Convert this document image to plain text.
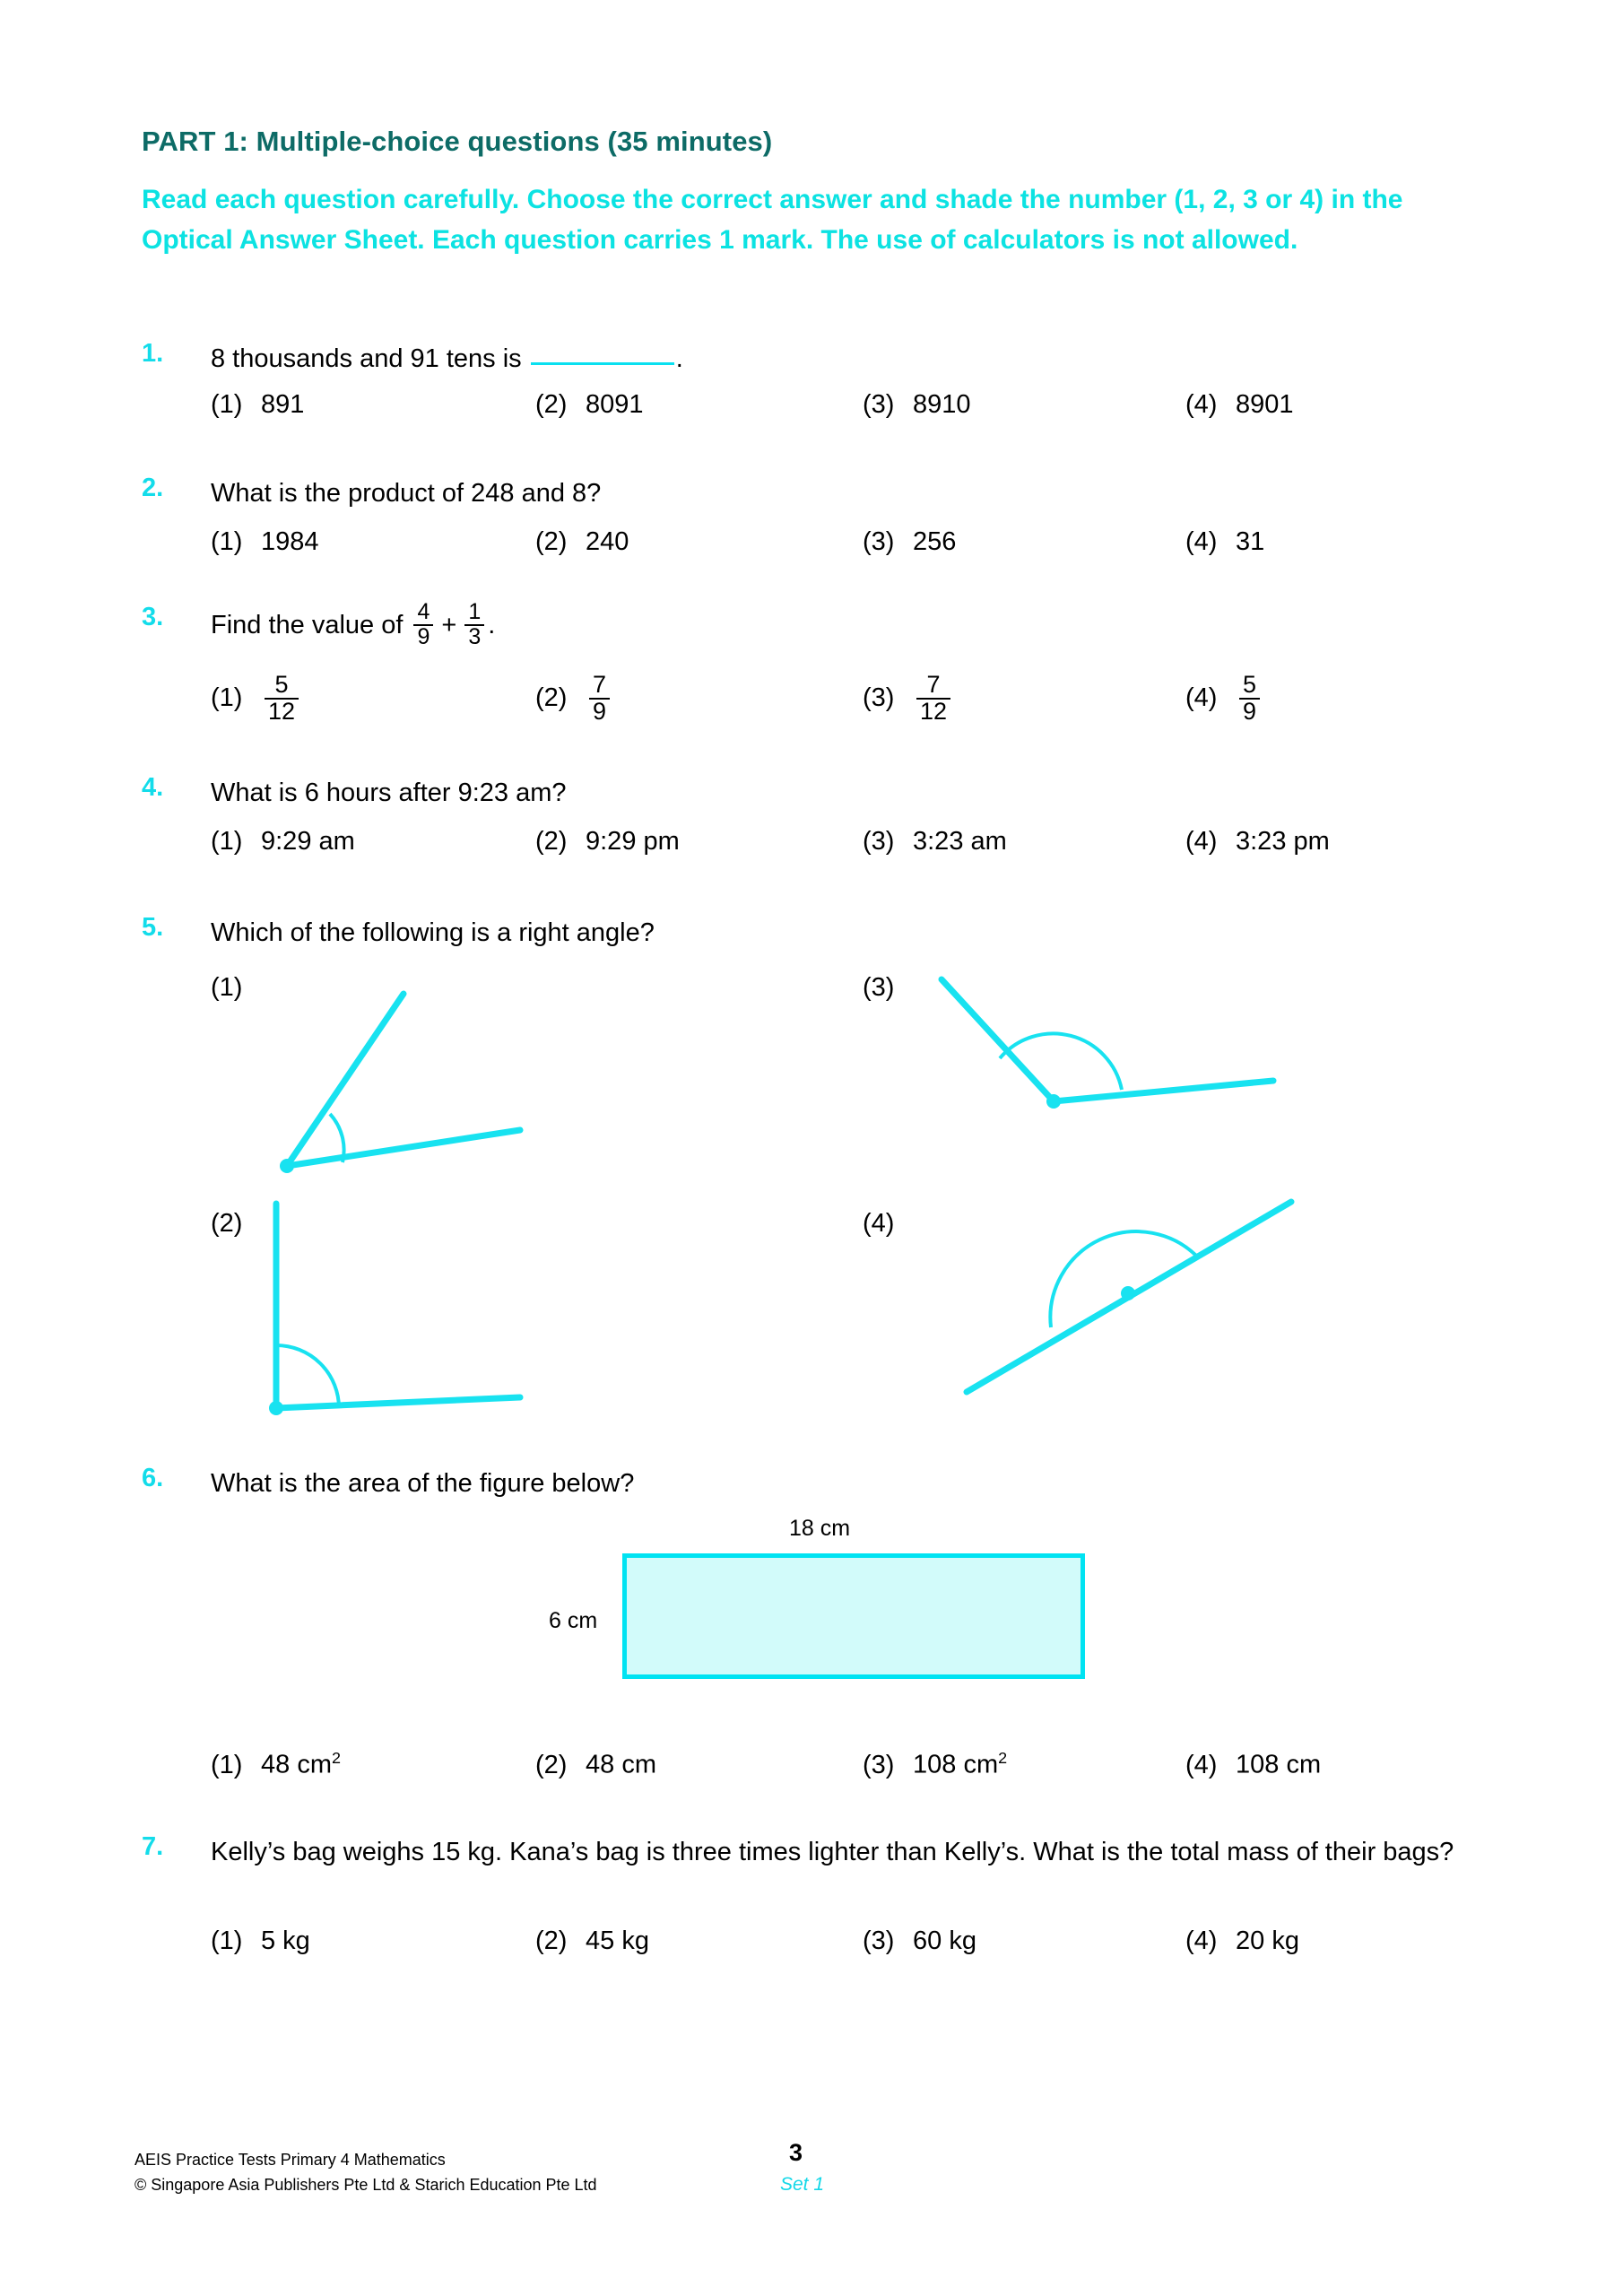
PART 1: Multiple-choice questions (35 minutes)
Read each question carefully. Choose the correct answer and shade the number (1, 2, 3 or 4) in the Optical Answer Sheet. Each question carries 1 mark. The use of calculators is not allowed.
1.	8 thousands and 91 tens is	.
(1) 891	(2) 8091	(3) 8910	(4) 8901
2.	What is the product of 248 and 8?
(1) 1984	(2) 240	(3) 256	(4) 31
3.	Find the value of $\frac{4}{9} + \frac{1}{3}$ .
$(1) \frac{5}{12}$	$(2) \frac{7}{9}$	$(3) \frac{7}{12}$	$(4) \frac{5}{9}$
4.	What is 6 hours after 9:23 am?
(1) 9:29 am	(2) 9:29 pm	(3) 3:23 am	(4) 3:23 pm
5.	Which of the following is a right angle?
(1)
(2)
(3)
(4)
6.	What is the area of the figure below?
18 cm
6 cm
(1) 48 $cm^2$	(2) 48 cm	(3) 108 $cm^2$	(4) 108 cm
7.	Kelly’s bag weighs 15 kg. Kana’s bag is three times lighter than Kelly’s. What is the total mass of their bags?
(1) 5 kg	(2) 45 kg	(3) 60 kg	(4) 20 kg
AEIS Practice Tests Primary 4 Mathematics
© Singapore Asia Publishers Pte Ltd & Starich Education Pte Ltd
3
Set 1
